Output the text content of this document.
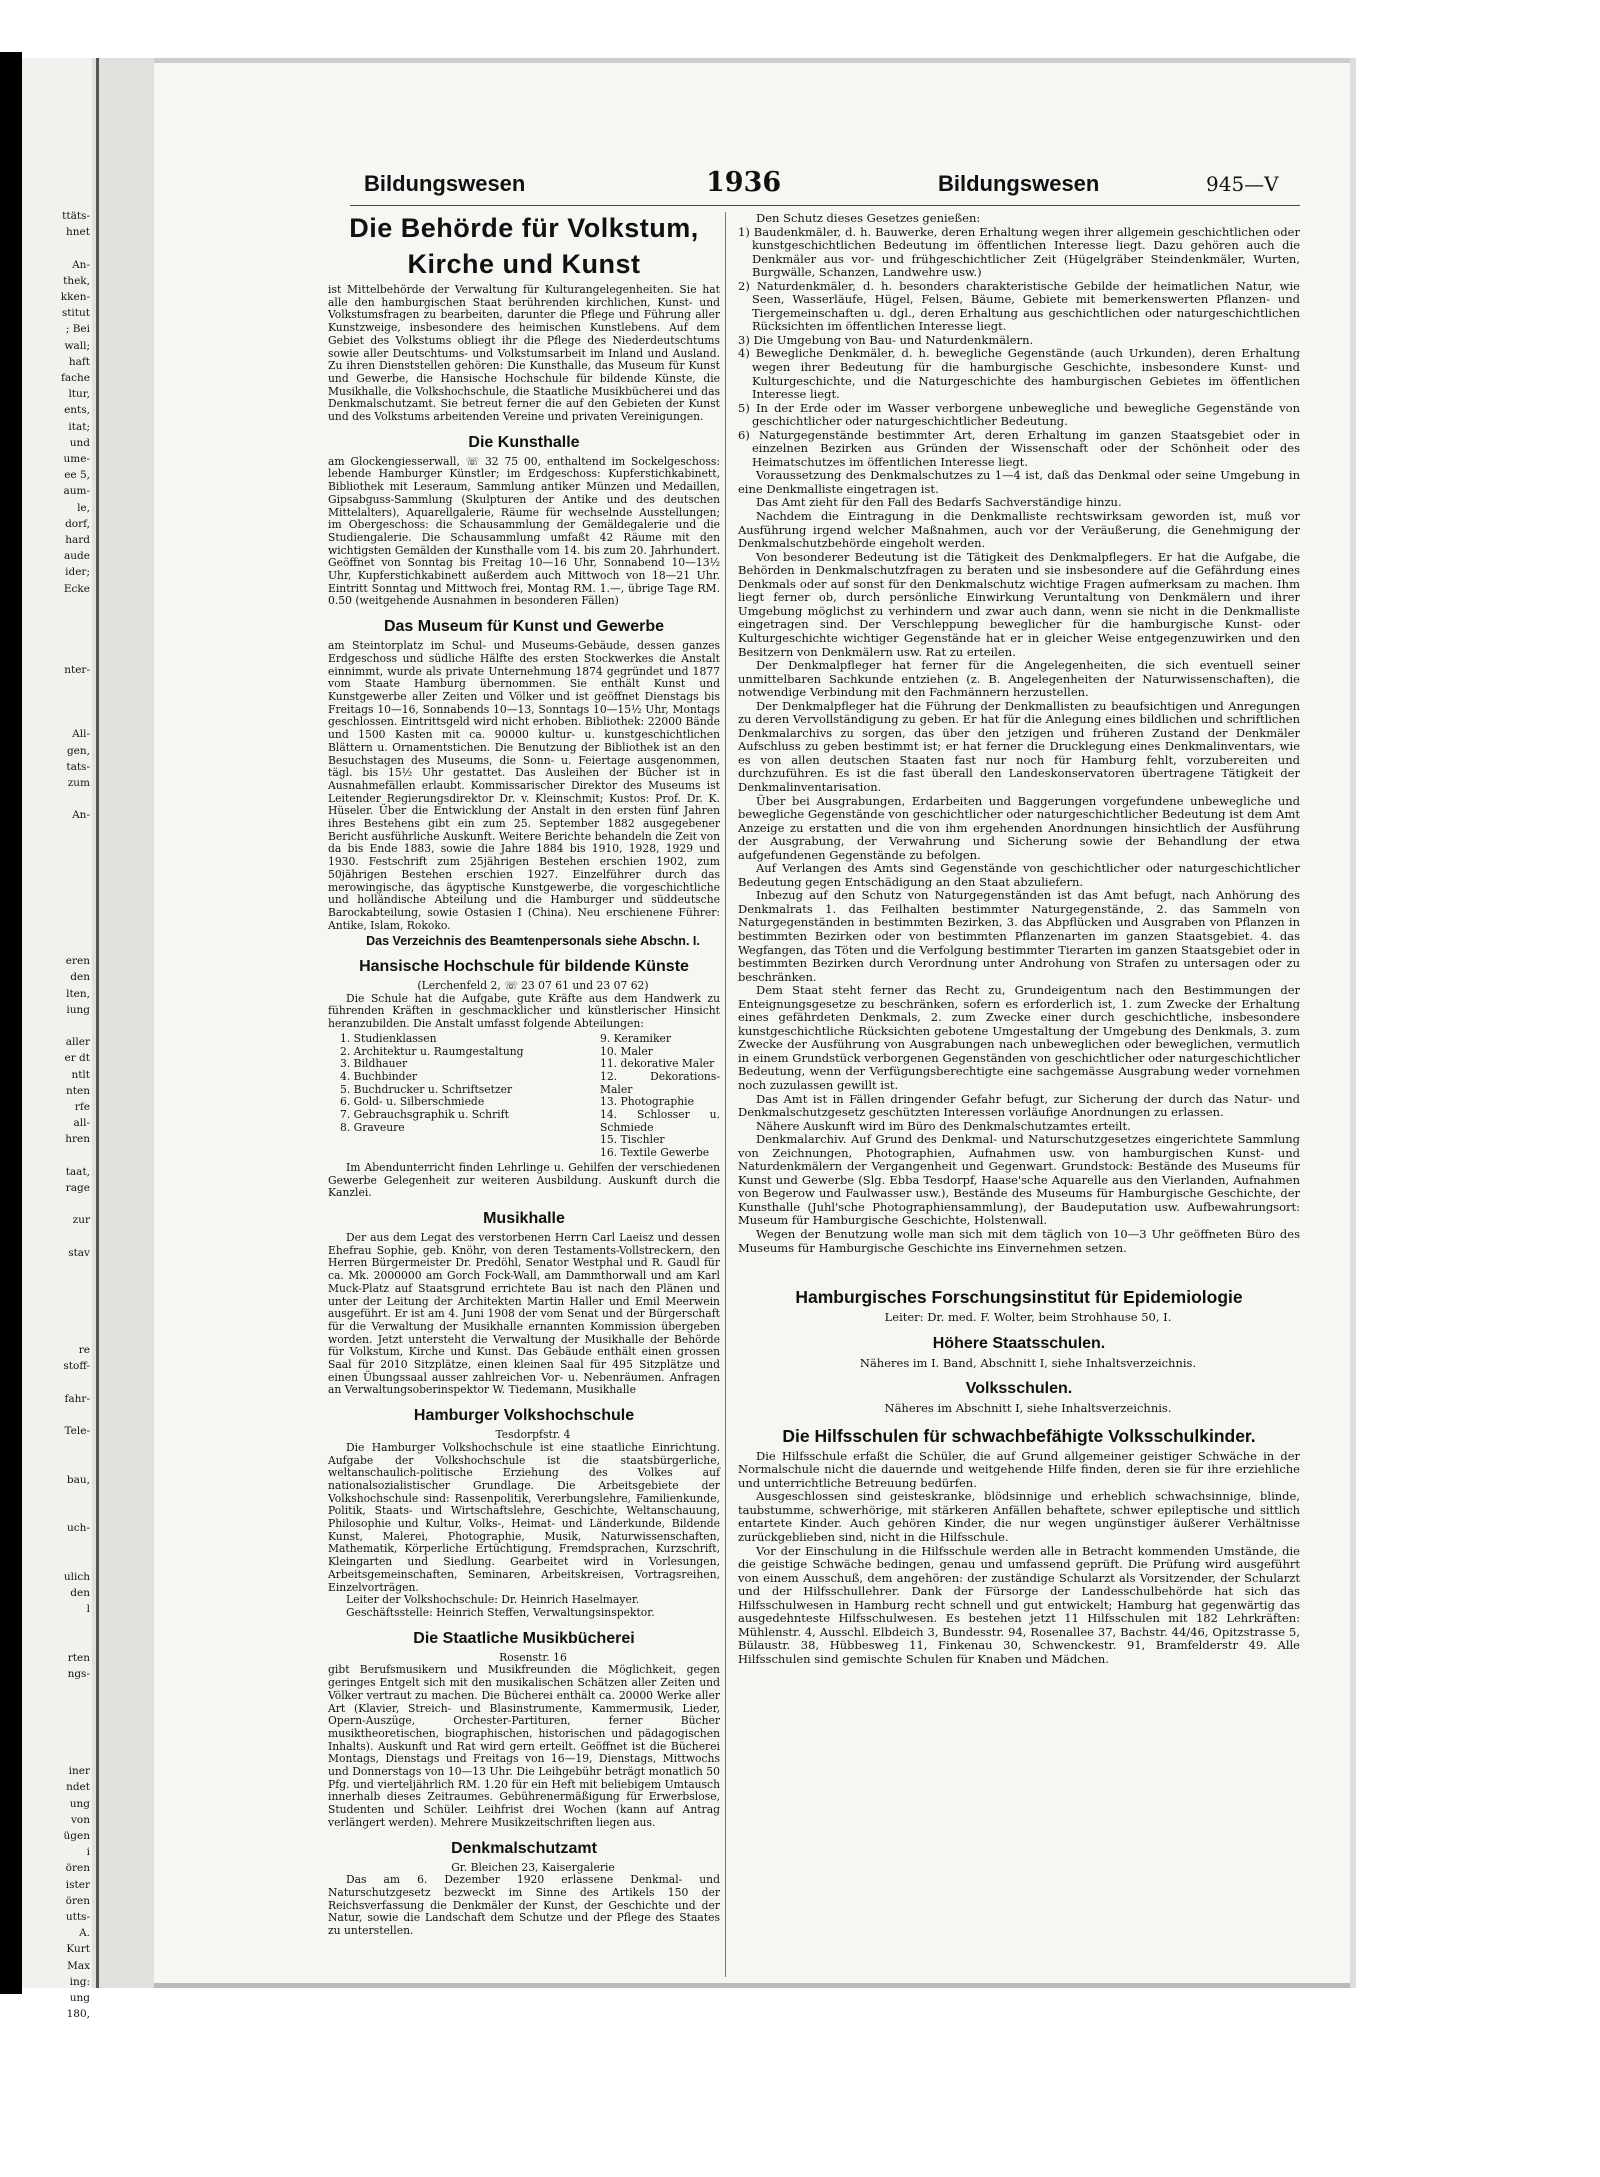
ttäts-
hnet
An-
thek,
kken-
stitut
; Bei
wall;
haft
fache
ltur,
ents,
itat;
und
ume-
ee 5,
aum-
le,
dorf,
hard
aude
ider;
Ecke
nter-
All-
gen,
tats-
zum
An-
eren
den
lten,
iung
aller
er dt
ntlt
nten
rfe
all-
hren
taat,
rage
zur
stav
re
stoff-
fahr-
Tele-
bau,
uch-
ulich
den
l
rten
ngs-
iner
ndet
ung
von
ügen
i
ören
ister
ören
utts-
A.
Kurt
Max
ing:
ung
180,
Bildungswesen	1936	Bildungswesen	945—V
Die Behörde für Volkstum,
Kirche und Kunst

ist Mittelbehörde der Verwaltung für Kulturangelegenheiten. Sie hat alle den hamburgischen Staat berührenden kirchlichen, Kunst- und Volkstumsfragen zu bearbeiten, darunter die Pflege und Führung aller Kunstzweige, insbesondere des heimischen Kunstlebens. Auf dem Gebiet des Volkstums obliegt ihr die Pflege des Niederdeutschtums sowie aller Deutschtums- und Volkstumsarbeit im Inland und Ausland. Zu ihren Dienststellen gehören: Die Kunsthalle, das Museum für Kunst und Gewerbe, die Hansische Hochschule für bildende Künste, die Musikhalle, die Volkshochschule, die Staatliche Musikbücherei und das Denkmalschutzamt. Sie betreut ferner die auf den Gebieten der Kunst und des Volkstums arbeitenden Vereine und privaten Vereinigungen.

Die Kunsthalle

am Glockengiesserwall, ☏ 32 75 00, enthaltend im Sockelgeschoss: lebende Hamburger Künstler; im Erdgeschoss: Kupferstichkabinett, Bibliothek mit Leseraum, Sammlung antiker Münzen und Medaillen, Gipsabguss-Sammlung (Skulpturen der Antike und des deutschen Mittelalters), Aquarellgalerie, Räume für wechselnde Ausstellungen; im Obergeschoss: die Schausammlung der Gemäldegalerie und die Studiengalerie. Die Schausammlung umfaßt 42 Räume mit den wichtigsten Gemälden der Kunsthalle vom 14. bis zum 20. Jahrhundert. Geöffnet von Sonntag bis Freitag 10—16 Uhr, Sonnabend 10—13½ Uhr, Kupferstichkabinett außerdem auch Mittwoch von 18—21 Uhr. Eintritt Sonntag und Mittwoch frei, Montag RM. 1.—, übrige Tage RM. 0.50 (weitgehende Ausnahmen in besonderen Fällen)

Das Museum für Kunst und Gewerbe

am Steintorplatz im Schul- und Museums-Gebäude, dessen ganzes Erdgeschoss und südliche Hälfte des ersten Stockwerkes die Anstalt einnimmt, wurde als private Unternehmung 1874 gegründet und 1877 vom Staate Hamburg übernommen. Sie enthält Kunst und Kunstgewerbe aller Zeiten und Völker und ist geöffnet Dienstags bis Freitags 10—16, Sonnabends 10—13, Sonntags 10—15½ Uhr, Montags geschlossen. Eintrittsgeld wird nicht erhoben. Bibliothek: 22000 Bände und 1500 Kasten mit ca. 90000 kultur- u. kunstgeschichtlichen Blättern u. Ornamentstichen. Die Benutzung der Bibliothek ist an den Besuchstagen des Museums, die Sonn- u. Feiertage ausgenommen, tägl. bis 15½ Uhr gestattet. Das Ausleihen der Bücher ist in Ausnahmefällen erlaubt. Kommissarischer Direktor des Museums ist Leitender Regierungsdirektor Dr. v. Kleinschmit; Kustos: Prof. Dr. K. Hüseler. Über die Entwicklung der Anstalt in den ersten fünf Jahren ihres Bestehens gibt ein zum 25. September 1882 ausgegebener Bericht ausführliche Auskunft. Weitere Berichte behandeln die Zeit von da bis Ende 1883, sowie die Jahre 1884 bis 1910, 1928, 1929 und 1930. Festschrift zum 25jährigen Bestehen erschien 1902, zum 50jährigen Bestehen erschien 1927. Einzelführer durch das merowingische, das ägyptische Kunstgewerbe, die vorgeschichtliche und holländische Abteilung und die Hamburger und süddeutsche Barockabteilung, sowie Ostasien I (China). Neu erschienene Führer: Antike, Islam, Rokoko.

Das Verzeichnis des Beamtenpersonals siehe Abschn. I.

Hansische Hochschule für bildende Künste

(Lerchenfeld 2, ☏ 23 07 61 und 23 07 62)

Die Schule hat die Aufgabe, gute Kräfte aus dem Handwerk zu führenden Kräften in geschmacklicher und künstlerischer Hinsicht heranzubilden. Die Anstalt umfasst folgende Abteilungen:

1. Studienklassen
2. Architektur u. Raumgestaltung
3. Bildhauer
4. Buchbinder
5. Buchdrucker u. Schriftsetzer
6. Gold- u. Silberschmiede
7. Gebrauchsgraphik u. Schrift
8. Graveure
9. Keramiker
10. Maler
11. dekorative Maler
12. Dekorations-Maler
13. Photographie
14. Schlosser u. Schmiede
15. Tischler
16. Textile Gewerbe

Im Abendunterricht finden Lehrlinge u. Gehilfen der verschiedenen Gewerbe Gelegenheit zur weiteren Ausbildung. Auskunft durch die Kanzlei.

Musikhalle

Der aus dem Legat des verstorbenen Herrn Carl Laeisz und dessen Ehefrau Sophie, geb. Knöhr, von deren Testaments-Vollstreckern, den Herren Bürgermeister Dr. Predöhl, Senator Westphal und R. Gaudl für ca. Mk. 2000000 am Gorch Fock-Wall, am Dammthorwall und am Karl Muck-Platz auf Staatsgrund errichtete Bau ist nach den Plänen und unter der Leitung der Architekten Martin Haller und Emil Meerwein ausgeführt. Er ist am 4. Juni 1908 der vom Senat und der Bürgerschaft für die Verwaltung der Musikhalle ernannten Kommission übergeben worden. Jetzt untersteht die Verwaltung der Musikhalle der Behörde für Volkstum, Kirche und Kunst. Das Gebäude enthält einen grossen Saal für 2010 Sitzplätze, einen kleinen Saal für 495 Sitzplätze und einen Übungssaal ausser zahlreichen Vor- u. Nebenräumen. Anfragen an Verwaltungsoberinspektor W. Tiedemann, Musikhalle

Hamburger Volkshochschule

Tesdorpfstr. 4

Die Hamburger Volkshochschule ist eine staatliche Einrichtung. Aufgabe der Volkshochschule ist die staatsbürgerliche, weltanschaulich-politische Erziehung des Volkes auf nationalsozialistischer Grundlage. Die Arbeitsgebiete der Volkshochschule sind: Rassenpolitik, Vererbungslehre, Familienkunde, Politik, Staats- und Wirtschaftslehre, Geschichte, Weltanschauung, Philosophie und Kultur, Volks-, Heimat- und Länderkunde, Bildende Kunst, Malerei, Photographie, Musik, Naturwissenschaften, Mathematik, Körperliche Ertüchtigung, Fremdsprachen, Kurzschrift, Kleingarten und Siedlung. Gearbeitet wird in Vorlesungen, Arbeitsgemeinschaften, Seminaren, Arbeitskreisen, Vortragsreihen, Einzelvorträgen.

Leiter der Volkshochschule: Dr. Heinrich Haselmayer.

Geschäftsstelle: Heinrich Steffen, Verwaltungsinspektor.

Die Staatliche Musikbücherei

Rosenstr. 16

gibt Berufsmusikern und Musikfreunden die Möglichkeit, gegen geringes Entgelt sich mit den musikalischen Schätzen aller Zeiten und Völker vertraut zu machen. Die Bücherei enthält ca. 20000 Werke aller Art (Klavier, Streich- und Blasinstrumente, Kammermusik, Lieder, Opern-Auszüge, Orchester-Partituren, ferner Bücher musiktheoretischen, biographischen, historischen und pädagogischen Inhalts). Auskunft und Rat wird gern erteilt. Geöffnet ist die Bücherei Montags, Dienstags und Freitags von 16—19, Dienstags, Mittwochs und Donnerstags von 10—13 Uhr. Die Leihgebühr beträgt monatlich 50 Pfg. und vierteljährlich RM. 1.20 für ein Heft mit beliebigem Umtausch innerhalb dieses Zeitraumes. Gebührenermäßigung für Erwerbslose, Studenten und Schüler. Leihfrist drei Wochen (kann auf Antrag verlängert werden). Mehrere Musikzeitschriften liegen aus.

Denkmalschutzamt

Gr. Bleichen 23, Kaisergalerie

Das am 6. Dezember 1920 erlassene Denkmal- und Naturschutzgesetz bezweckt im Sinne des Artikels 150 der Reichsverfassung die Denkmäler der Kunst, der Geschichte und der Natur, sowie die Landschaft dem Schutze und der Pflege des Staates zu unterstellen.

Den Schutz dieses Gesetzes genießen:

1) Baudenkmäler, d. h. Bauwerke, deren Erhaltung wegen ihrer allgemein geschichtlichen oder kunstgeschichtlichen Bedeutung im öffentlichen Interesse liegt. Dazu gehören auch die Denkmäler aus vor- und frühgeschichtlicher Zeit (Hügelgräber Steindenkmäler, Wurten, Burgwälle, Schanzen, Landwehre usw.)

2) Naturdenkmäler, d. h. besonders charakteristische Gebilde der heimatlichen Natur, wie Seen, Wasserläufe, Hügel, Felsen, Bäume, Gebiete mit bemerkenswerten Pflanzen- und Tiergemeinschaften u. dgl., deren Erhaltung aus geschichtlichen oder naturgeschichtlichen Rücksichten im öffentlichen Interesse liegt.

3) Die Umgebung von Bau- und Naturdenkmälern.

4) Bewegliche Denkmäler, d. h. bewegliche Gegenstände (auch Urkunden), deren Erhaltung wegen ihrer Bedeutung für die hamburgische Geschichte, insbesondere Kunst- und Kulturgeschichte, und die Naturgeschichte des hamburgischen Gebietes im öffentlichen Interesse liegt.

5) In der Erde oder im Wasser verborgene unbewegliche und bewegliche Gegenstände von geschichtlicher oder naturgeschichtlicher Bedeutung.

6) Naturgegenstände bestimmter Art, deren Erhaltung im ganzen Staatsgebiet oder in einzelnen Bezirken aus Gründen der Wissenschaft oder der Schönheit oder des Heimatschutzes im öffentlichen Interesse liegt.

Voraussetzung des Denkmalschutzes zu 1—4 ist, daß das Denkmal oder seine Umgebung in eine Denkmalliste eingetragen ist.

Das Amt zieht für den Fall des Bedarfs Sachverständige hinzu.

Nachdem die Eintragung in die Denkmalliste rechtswirksam geworden ist, muß vor Ausführung irgend welcher Maßnahmen, auch vor der Veräußerung, die Genehmigung der Denkmalschutzbehörde eingeholt werden.

Von besonderer Bedeutung ist die Tätigkeit des Denkmalpflegers. Er hat die Aufgabe, die Behörden in Denkmalschutzfragen zu beraten und sie insbesondere auf die Gefährdung eines Denkmals oder auf sonst für den Denkmalschutz wichtige Fragen aufmerksam zu machen. Ihm liegt ferner ob, durch persönliche Einwirkung Veruntaltung von Denkmälern und ihrer Umgebung möglichst zu verhindern und zwar auch dann, wenn sie nicht in die Denkmalliste eingetragen sind. Der Verschleppung beweglicher für die hamburgische Kunst- oder Kulturgeschichte wichtiger Gegenstände hat er in gleicher Weise entgegenzuwirken und den Besitzern von Denkmälern usw. Rat zu erteilen.

Der Denkmalpfleger hat ferner für die Angelegenheiten, die sich eventuell seiner unmittelbaren Sachkunde entziehen (z. B. Angelegenheiten der Naturwissenschaften), die notwendige Verbindung mit den Fachmännern herzustellen.

Der Denkmalpfleger hat die Führung der Denkmallisten zu beaufsichtigen und Anregungen zu deren Vervollständigung zu geben. Er hat für die Anlegung eines bildlichen und schriftlichen Denkmalarchivs zu sorgen, das über den jetzigen und früheren Zustand der Denkmäler Aufschluss zu geben bestimmt ist; er hat ferner die Drucklegung eines Denkmalinventars, wie es von allen deutschen Staaten fast nur noch für Hamburg fehlt, vorzubereiten und durchzuführen. Es ist die fast überall den Landeskonservatoren übertragene Tätigkeit der Denkmalinventarisation.

Über bei Ausgrabungen, Erdarbeiten und Baggerungen vorgefundene unbewegliche und bewegliche Gegenstände von geschichtlicher oder naturgeschichtlicher Bedeutung ist dem Amt Anzeige zu erstatten und die von ihm ergehenden Anordnungen hinsichtlich der Ausführung der Ausgrabung, der Verwahrung und Sicherung sowie der Behandlung der etwa aufgefundenen Gegenstände zu befolgen.

Auf Verlangen des Amts sind Gegenstände von geschichtlicher oder naturgeschichtlicher Bedeutung gegen Entschädigung an den Staat abzuliefern.

Inbezug auf den Schutz von Naturgegenständen ist das Amt befugt, nach Anhörung des Denkmalrats 1. das Feilhalten bestimmter Naturgegenstände, 2. das Sammeln von Naturgegenständen in bestimmten Bezirken, 3. das Abpflücken und Ausgraben von Pflanzen in bestimmten Bezirken oder von bestimmten Pflanzenarten im ganzen Staatsgebiet. 4. das Wegfangen, das Töten und die Verfolgung bestimmter Tierarten im ganzen Staatsgebiet oder in bestimmten Bezirken durch Verordnung unter Androhung von Strafen zu untersagen oder zu beschränken.

Dem Staat steht ferner das Recht zu, Grundeigentum nach den Bestimmungen der Enteignungsgesetze zu beschränken, sofern es erforderlich ist, 1. zum Zwecke der Erhaltung eines gefährdeten Denkmals, 2. zum Zwecke einer durch geschichtliche, insbesondere kunstgeschichtliche Rücksichten gebotene Umgestaltung der Umgebung des Denkmals, 3. zum Zwecke der Ausführung von Ausgrabungen nach unbeweglichen oder beweglichen, vermutlich in einem Grundstück verborgenen Gegenständen von geschichtlicher oder naturgeschichtlicher Bedeutung, wenn der Verfügungsberechtigte eine sachgemässe Ausgrabung weder vornehmen noch zuzulassen gewillt ist.

Das Amt ist in Fällen dringender Gefahr befugt, zur Sicherung der durch das Natur- und Denkmalschutzgesetz geschützten Interessen vorläufige Anordnungen zu erlassen.

Nähere Auskunft wird im Büro des Denkmalschutzamtes erteilt.

Denkmalarchiv. Auf Grund des Denkmal- und Naturschutzgesetzes eingerichtete Sammlung von Zeichnungen, Photographien, Aufnahmen usw. von hamburgischen Kunst- und Naturdenkmälern der Vergangenheit und Gegenwart. Grundstock: Bestände des Museums für Kunst und Gewerbe (Slg. Ebba Tesdorpf, Haase'sche Aquarelle aus den Vierlanden, Aufnahmen von Begerow und Faulwasser usw.), Bestände des Museums für Hamburgische Geschichte, der Kunsthalle (Juhl'sche Photographiensammlung), der Baudeputation usw. Aufbewahrungsort: Museum für Hamburgische Geschichte, Holstenwall.

Wegen der Benutzung wolle man sich mit dem täglich von 10—3 Uhr geöffneten Büro des Museums für Hamburgische Geschichte ins Einvernehmen setzen.

Hamburgisches Forschungsinstitut für Epidemiologie

Leiter: Dr. med. F. Wolter, beim Strohhause 50, I.

Höhere Staatsschulen.

Näheres im I. Band, Abschnitt I, siehe Inhaltsverzeichnis.

Volksschulen.

Näheres im Abschnitt I, siehe Inhaltsverzeichnis.

Die Hilfsschulen für schwachbefähigte Volksschulkinder.

Die Hilfsschule erfaßt die Schüler, die auf Grund allgemeiner geistiger Schwäche in der Normalschule nicht die dauernde und weitgehende Hilfe finden, deren sie für ihre erziehliche und unterrichtliche Betreuung bedürfen.

Ausgeschlossen sind geisteskranke, blödsinnige und erheblich schwachsinnige, blinde, taubstumme, schwerhörige, mit stärkeren Anfällen behaftete, schwer epileptische und sittlich entartete Kinder. Auch gehören Kinder, die nur wegen ungünstiger äußerer Verhältnisse zurückgeblieben sind, nicht in die Hilfsschule.

Vor der Einschulung in die Hilfsschule werden alle in Betracht kommenden Umstände, die die geistige Schwäche bedingen, genau und umfassend geprüft. Die Prüfung wird ausgeführt von einem Ausschuß, dem angehören: der zuständige Schularzt als Vorsitzender, der Schularzt und der Hilfsschullehrer. Dank der Fürsorge der Landesschulbehörde hat sich das Hilfsschulwesen in Hamburg recht schnell und gut entwickelt; Hamburg hat gegenwärtig das ausgedehnteste Hilfsschulwesen. Es bestehen jetzt 11 Hilfsschulen mit 182 Lehrkräften: Mühlenstr. 4, Ausschl. Elbdeich 3, Bundesstr. 94, Rosenallee 37, Bachstr. 44/46, Opitzstrasse 5, Bülaustr. 38, Hübbesweg 11, Finkenau 30, Schwenckestr. 91, Bramfelderstr 49. Alle Hilfsschulen sind gemischte Schulen für Knaben und Mädchen.
